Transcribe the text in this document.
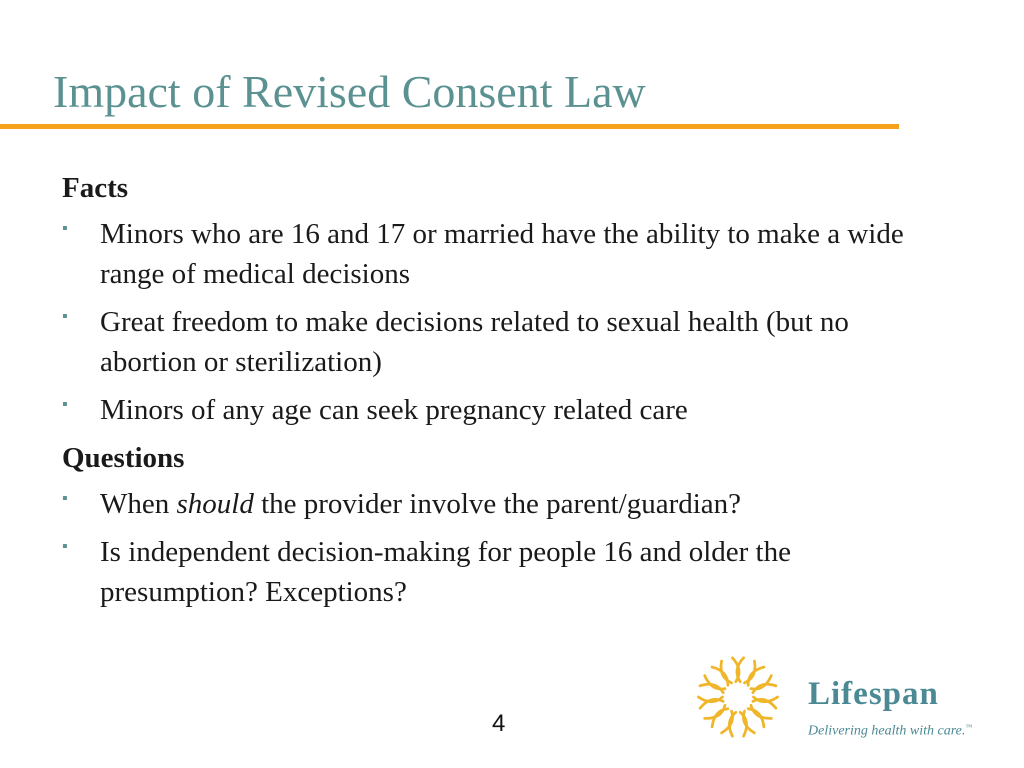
Impact of Revised Consent Law
Facts
▪ Minors who are 16 and 17 or married have the ability to make a wide range of medical decisions
▪ Great freedom to make decisions related to sexual health (but no abortion or sterilization)
▪ Minors of any age can seek pregnancy related care
Questions
▪ When should the provider involve the parent/guardian?
▪ Is independent decision-making for people 16 and older the presumption? Exceptions?
4
Lifespan
Delivering health with care.™
